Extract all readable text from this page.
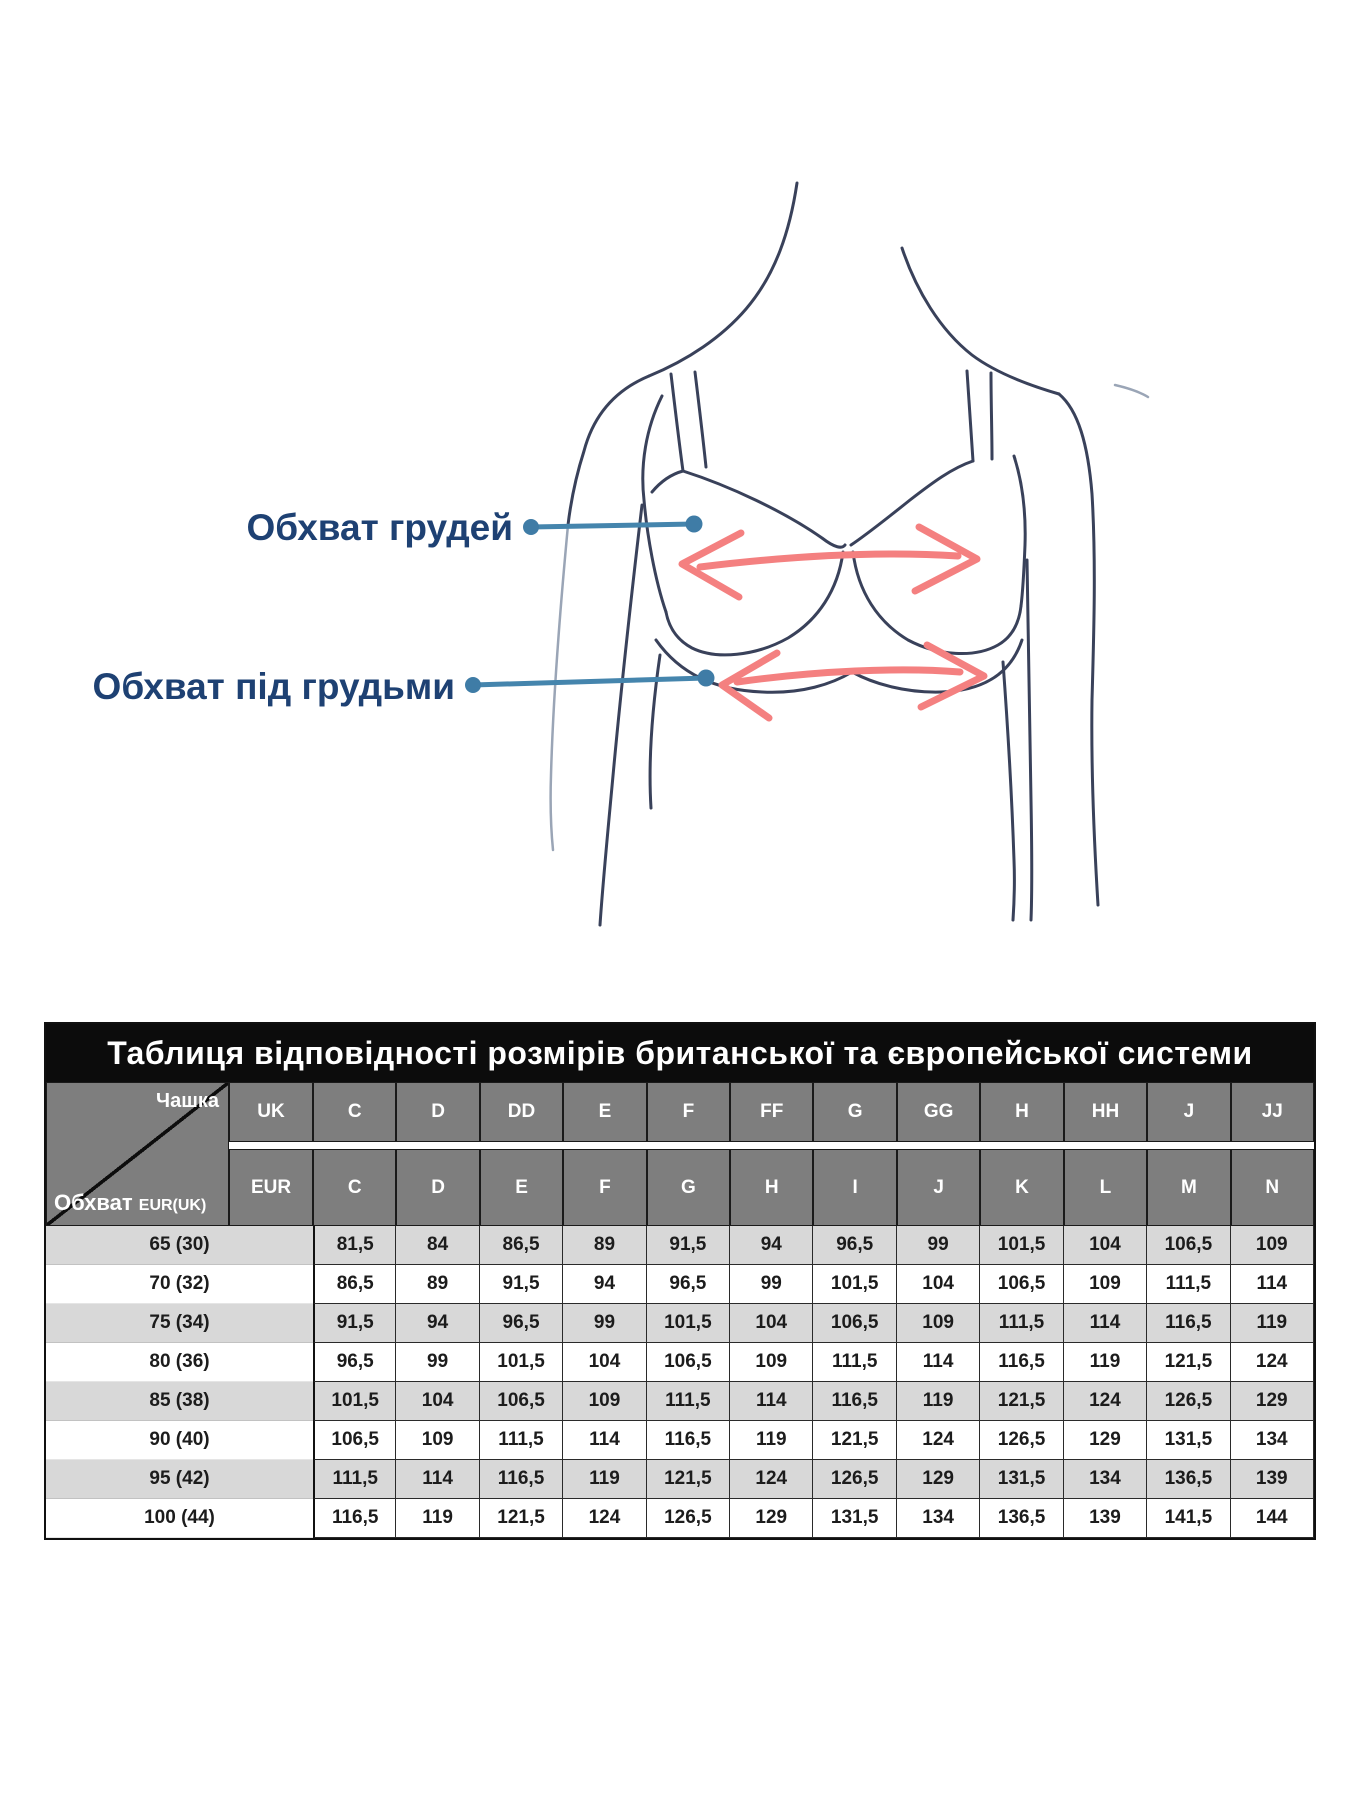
Обхват грудей
Обхват під грудьми
Таблиця відповідності розмірів британської та європейської системи
Чашка
Обхват EUR(UK)
UK
EUR
C	D	DD	E	F	FF	G	GG	H	HH	J	JJ
C	D	E	F	G	H	I	J	K	L	M	N
65 (30)	81,5	84	86,5	89	91,5	94	96,5	99	101,5	104	106,5	109
70 (32)	86,5	89	91,5	94	96,5	99	101,5	104	106,5	109	111,5	114
75 (34)	91,5	94	96,5	99	101,5	104	106,5	109	111,5	114	116,5	119
80 (36)	96,5	99	101,5	104	106,5	109	111,5	114	116,5	119	121,5	124
85 (38)	101,5	104	106,5	109	111,5	114	116,5	119	121,5	124	126,5	129
90 (40)	106,5	109	111,5	114	116,5	119	121,5	124	126,5	129	131,5	134
95 (42)	111,5	114	116,5	119	121,5	124	126,5	129	131,5	134	136,5	139
100 (44)	116,5	119	121,5	124	126,5	129	131,5	134	136,5	139	141,5	144
